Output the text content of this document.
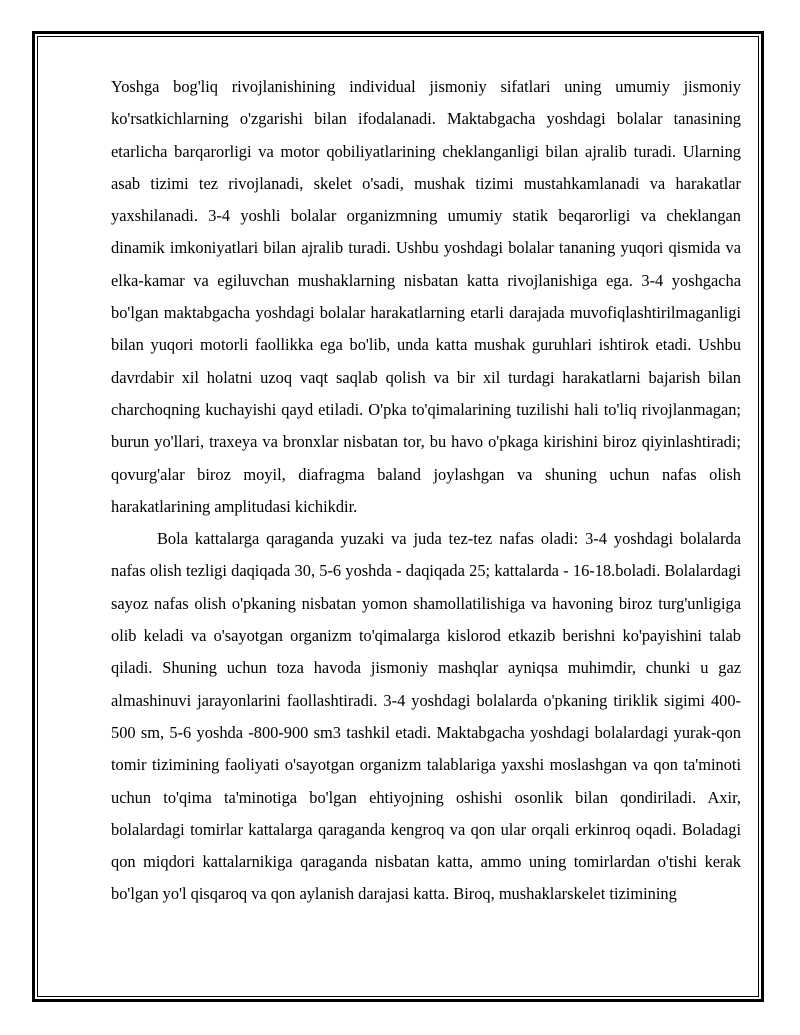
Yoshga bog'liq rivojlanishining individual jismoniy sifatlari uning umumiy jismoniy ko'rsatkichlarning o'zgarishi bilan ifodalanadi. Maktabgacha yoshdagi bolalar tanasining etarlicha barqarorligi va motor qobiliyatlarining cheklanganligi bilan ajralib turadi. Ularning asab tizimi tez rivojlanadi, skelet o'sadi, mushak tizimi mustahkamlanadi va harakatlar yaxshilanadi. 3-4 yoshli bolalar organizmning umumiy statik beqarorligi va cheklangan dinamik imkoniyatlari bilan ajralib turadi. Ushbu yoshdagi bolalar tananing yuqori qismida va elka-kamar va egiluvchan mushaklarning nisbatan katta rivojlanishiga ega. 3-4 yoshgacha bo'lgan maktabgacha yoshdagi bolalar harakatlarning etarli darajada muvofiqlashtirilmaganligi bilan yuqori motorli faollikka ega bo'lib, unda katta mushak guruhlari ishtirok etadi. Ushbu davrdabir xil holatni uzoq vaqt saqlab qolish va bir xil turdagi harakatlarni bajarish bilan charchoqning kuchayishi qayd etiladi. O'pka to'qimalarining tuzilishi hali to'liq rivojlanmagan; burun yo'llari, traxeya va bronxlar nisbatan tor, bu havo o'pkaga kirishini biroz qiyinlashtiradi; qovurg'alar biroz moyil, diafragma baland joylashgan va shuning uchun nafas olish harakatlarining amplitudasi kichikdir.

Bola kattalarga qaraganda yuzaki va juda tez-tez nafas oladi: 3-4 yoshdagi bolalarda nafas olish tezligi daqiqada 30, 5-6 yoshda - daqiqada 25; kattalarda - 16-18.boladi. Bolalardagi sayoz nafas olish o'pkaning nisbatan yomon shamollatilishiga va havoning biroz turg'unligiga olib keladi va o'sayotgan organizm to'qimalarga kislorod etkazib berishni ko'payishini talab qiladi. Shuning uchun toza havoda jismoniy mashqlar ayniqsa muhimdir, chunki u gaz almashinuvi jarayonlarini faollashtiradi. 3-4 yoshdagi bolalarda o'pkaning tiriklik sigimi 400-500 sm, 5-6 yoshda -800-900 sm3 tashkil etadi. Maktabgacha yoshdagi bolalardagi yurak-qon tomir tizimining faoliyati o'sayotgan organizm talablariga yaxshi moslashgan va qon ta'minoti uchun to'qima ta'minotiga bo'lgan ehtiyojning oshishi osonlik bilan qondiriladi. Axir, bolalardagi tomirlar kattalarga qaraganda kengroq va qon ular orqali erkinroq oqadi. Boladagi qon miqdori kattalarnikiga qaraganda nisbatan katta, ammo uning tomirlardan o'tishi kerak bo'lgan yo'l qisqaroq va qon aylanish darajasi katta. Biroq, mushaklarskelet tizimining
